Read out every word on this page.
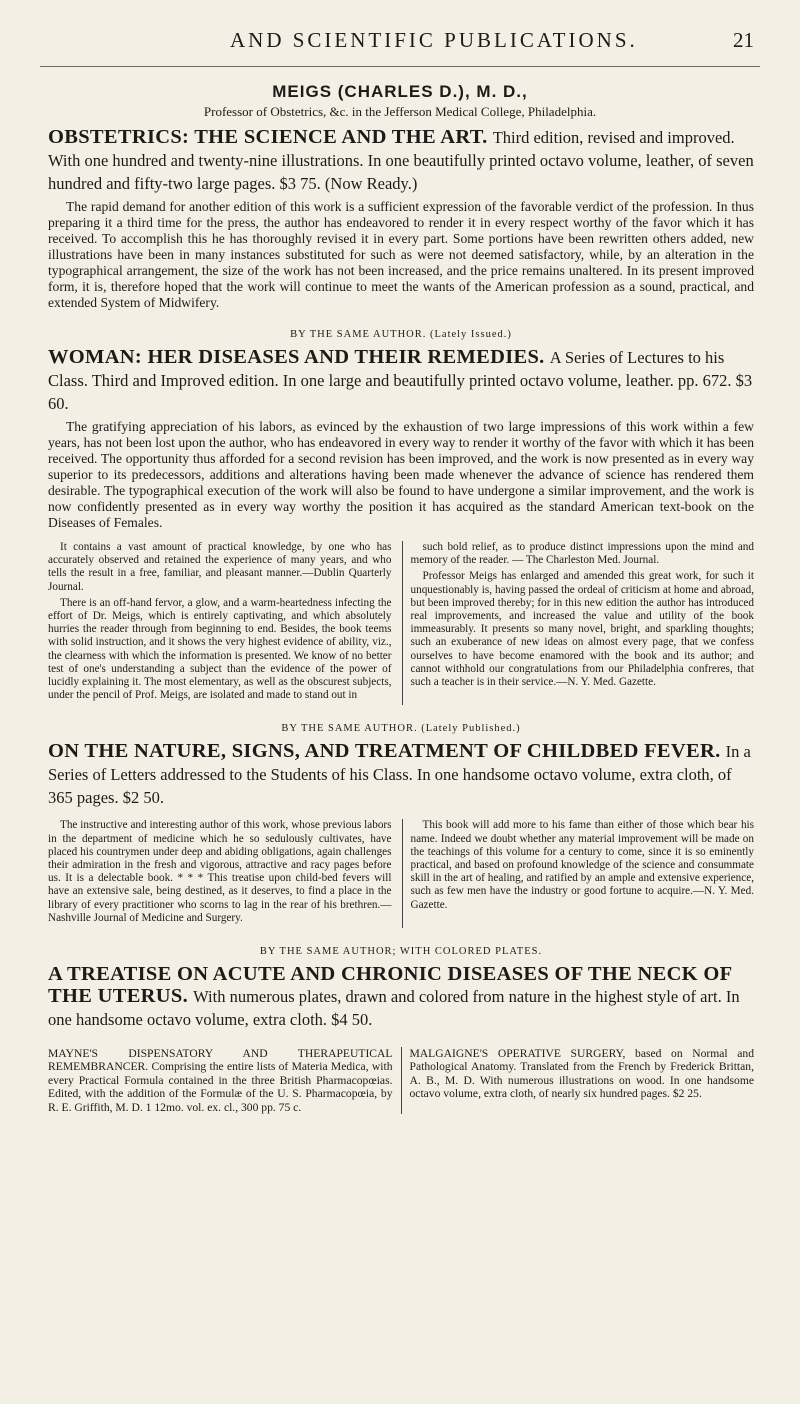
AND SCIENTIFIC PUBLICATIONS.	21
MEIGS (CHARLES D.), M. D.,
Professor of Obstetrics, &c. in the Jefferson Medical College, Philadelphia.

OBSTETRICS: THE SCIENCE AND THE ART. Third edition, revised and improved. With one hundred and twenty-nine illustrations. In one beautifully printed octavo volume, leather, of seven hundred and fifty-two large pages. $3 75. (Now Ready.)

The rapid demand for another edition of this work is a sufficient expression of the favorable verdict of the profession. In thus preparing it a third time for the press, the author has endeavored to render it in every respect worthy of the favor which it has received. To accomplish this he has thoroughly revised it in every part. Some portions have been rewritten others added, new illustrations have been in many instances substituted for such as were not deemed satisfactory, while, by an alteration in the typographical arrangement, the size of the work has not been increased, and the price remains unaltered. In its present improved form, it is, therefore hoped that the work will continue to meet the wants of the American profession as a sound, practical, and extended System of Midwifery.

BY THE SAME AUTHOR. (Lately Issued.)

WOMAN: HER DISEASES AND THEIR REMEDIES. A Series of Lectures to his Class. Third and Improved edition. In one large and beautifully printed octavo volume, leather. pp. 672. $3 60.

The gratifying appreciation of his labors, as evinced by the exhaustion of two large impressions of this work within a few years, has not been lost upon the author, who has endeavored in every way to render it worthy of the favor with which it has been received. The opportunity thus afforded for a second revision has been improved, and the work is now presented as in every way superior to its predecessors, additions and alterations having been made whenever the advance of science has rendered them desirable. The typographical execution of the work will also be found to have undergone a similar improvement, and the work is now confidently presented as in every way worthy the position it has acquired as the standard American text-book on the Diseases of Females.

It contains a vast amount of practical knowledge, by one who has accurately observed and retained the experience of many years, and who tells the result in a free, familiar, and pleasant manner.—Dublin Quarterly Journal.

There is an off-hand fervor, a glow, and a warm-heartedness infecting the effort of Dr. Meigs, which is entirely captivating, and which absolutely hurries the reader through from beginning to end. Besides, the book teems with solid instruction, and it shows the very highest evidence of ability, viz., the clearness with which the information is presented. We know of no better test of one's understanding a subject than the evidence of the power of lucidly explaining it. The most elementary, as well as the obscurest subjects, under the pencil of Prof. Meigs, are isolated and made to stand out in

such bold relief, as to produce distinct impressions upon the mind and memory of the reader. — The Charleston Med. Journal.

Professor Meigs has enlarged and amended this great work, for such it unquestionably is, having passed the ordeal of criticism at home and abroad, but been improved thereby; for in this new edition the author has introduced real improvements, and increased the value and utility of the book immeasurably. It presents so many novel, bright, and sparkling thoughts; such an exuberance of new ideas on almost every page, that we confess ourselves to have become enamored with the book and its author; and cannot withhold our congratulations from our Philadelphia confreres, that such a teacher is in their service.—N. Y. Med. Gazette.

BY THE SAME AUTHOR. (Lately Published.)

ON THE NATURE, SIGNS, AND TREATMENT OF CHILDBED FEVER. In a Series of Letters addressed to the Students of his Class. In one handsome octavo volume, extra cloth, of 365 pages. $2 50.

The instructive and interesting author of this work, whose previous labors in the department of medicine which he so sedulously cultivates, have placed his countrymen under deep and abiding obligations, again challenges their admiration in the fresh and vigorous, attractive and racy pages before us. It is a delectable book. * * * This treatise upon child-bed fevers will have an extensive sale, being destined, as it deserves, to find a place in the library of every practitioner who scorns to lag in the rear of his brethren.—Nashville Journal of Medicine and Surgery.

This book will add more to his fame than either of those which bear his name. Indeed we doubt whether any material improvement will be made on the teachings of this volume for a century to come, since it is so eminently practical, and based on profound knowledge of the science and consummate skill in the art of healing, and ratified by an ample and extensive experience, such as few men have the industry or good fortune to acquire.—N. Y. Med. Gazette.

BY THE SAME AUTHOR; WITH COLORED PLATES.

A TREATISE ON ACUTE AND CHRONIC DISEASES OF THE NECK OF THE UTERUS. With numerous plates, drawn and colored from nature in the highest style of art. In one handsome octavo volume, extra cloth. $4 50.

MAYNE'S DISPENSATORY AND THERAPEUTICAL REMEMBRANCER. Comprising the entire lists of Materia Medica, with every Practical Formula contained in the three British Pharmacopœias. Edited, with the addition of the Formulæ of the U. S. Pharmacopœia, by R. E. Griffith, M. D. 1 12mo. vol. ex. cl., 300 pp. 75 c.
MALGAIGNE'S OPERATIVE SURGERY, based on Normal and Pathological Anatomy. Translated from the French by Frederick Brittan, A. B., M. D. With numerous illustrations on wood. In one handsome octavo volume, extra cloth, of nearly six hundred pages. $2 25.
